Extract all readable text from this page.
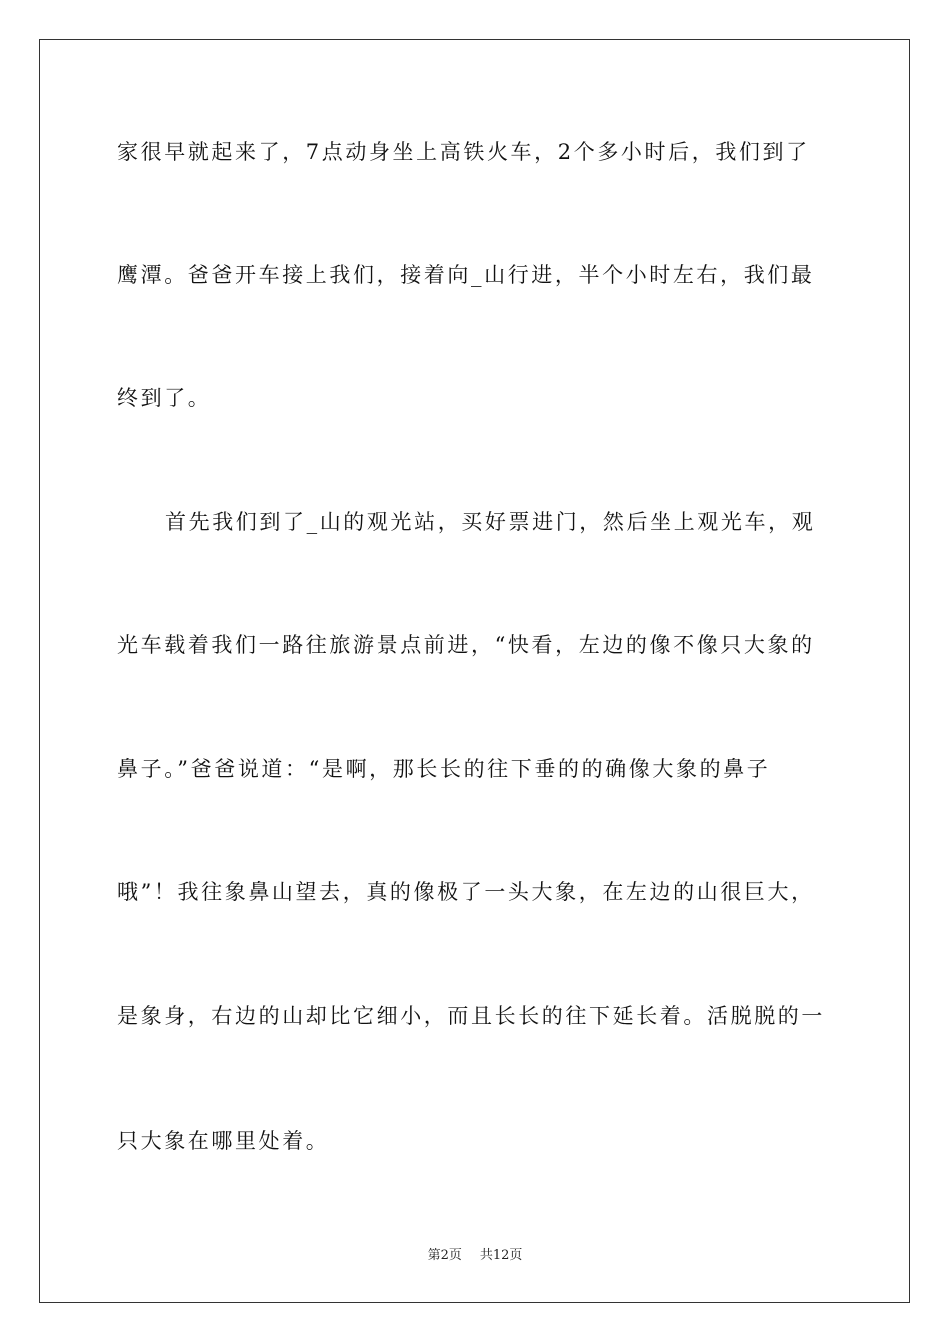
家很早就起来了，7点动身坐上高铁火车，2个多小时后，我们到了
鹰潭。爸爸开车接上我们，接着向_山行进，半个小时左右，我们最
终到了。
首先我们到了_山的观光站，买好票进门，然后坐上观光车，观
光车载着我们一路往旅游景点前进，“快看，左边的像不像只大象的
鼻子。”爸爸说道：“是啊，那长长的往下垂的的确像大象的鼻子
哦”！我往象鼻山望去，真的像极了一头大象，在左边的山很巨大，
是象身，右边的山却比它细小，而且长长的往下延长着。活脱脱的一
只大象在哪里处着。
第2页 共12页
